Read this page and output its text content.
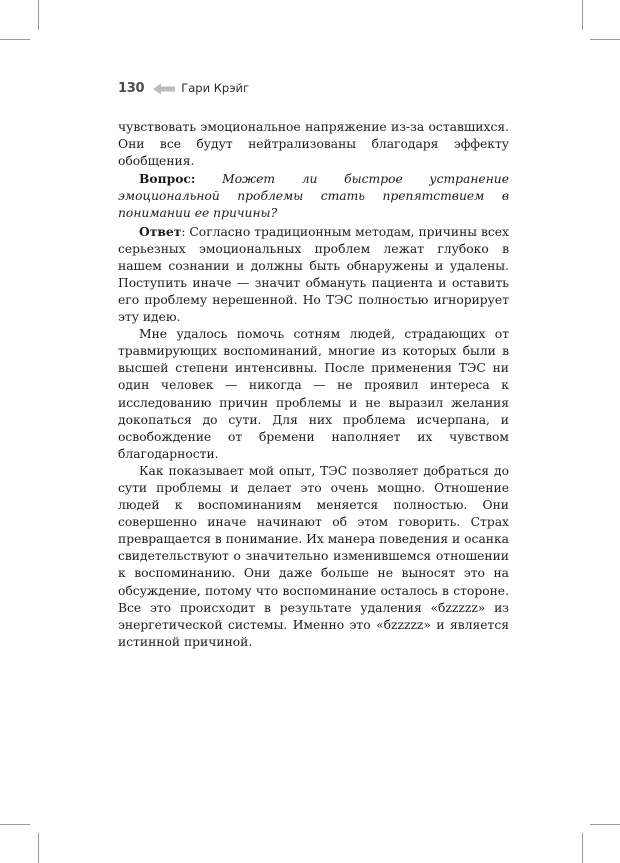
130	Гари Крэйг

чувствовать эмоциональное напряжение из-за оставшихся. Они все будут нейтрализованы благодаря эффекту обобщения.

Вопрос: Может ли быстрое устранение эмоциональной проблемы стать препятствием в понимании ее причины?

Ответ: Согласно традиционным методам, причины всех серьезных эмоциональных проблем лежат глубоко в нашем сознании и должны быть обнаружены и удалены. Поступить иначе — значит обмануть пациента и оставить его проблему нерешенной. Но ТЭС полностью игнорирует эту идею.

Мне удалось помочь сотням людей, страдающих от травмирующих воспоминаний, многие из которых были в высшей степени интенсивны. После применения ТЭС ни один человек — никогда — не проявил интереса к исследованию причин проблемы и не выразил желания докопаться до сути. Для них проблема исчерпана, и освобождение от бремени наполняет их чувством благодарности.

Как показывает мой опыт, ТЭС позволяет добраться до сути проблемы и делает это очень мощно. Отношение людей к воспоминаниям меняется полностью. Они совершенно иначе начинают об этом говорить. Страх превращается в понимание. Их манера поведения и осанка свидетельствуют о значительно изменившемся отношении к воспоминанию. Они даже больше не выносят это на обсуждение, потому что воспоминание осталось в стороне. Все это происходит в результате удаления «бzzzzz» из энергетической системы. Именно это «бzzzzz» и является истинной причиной.
